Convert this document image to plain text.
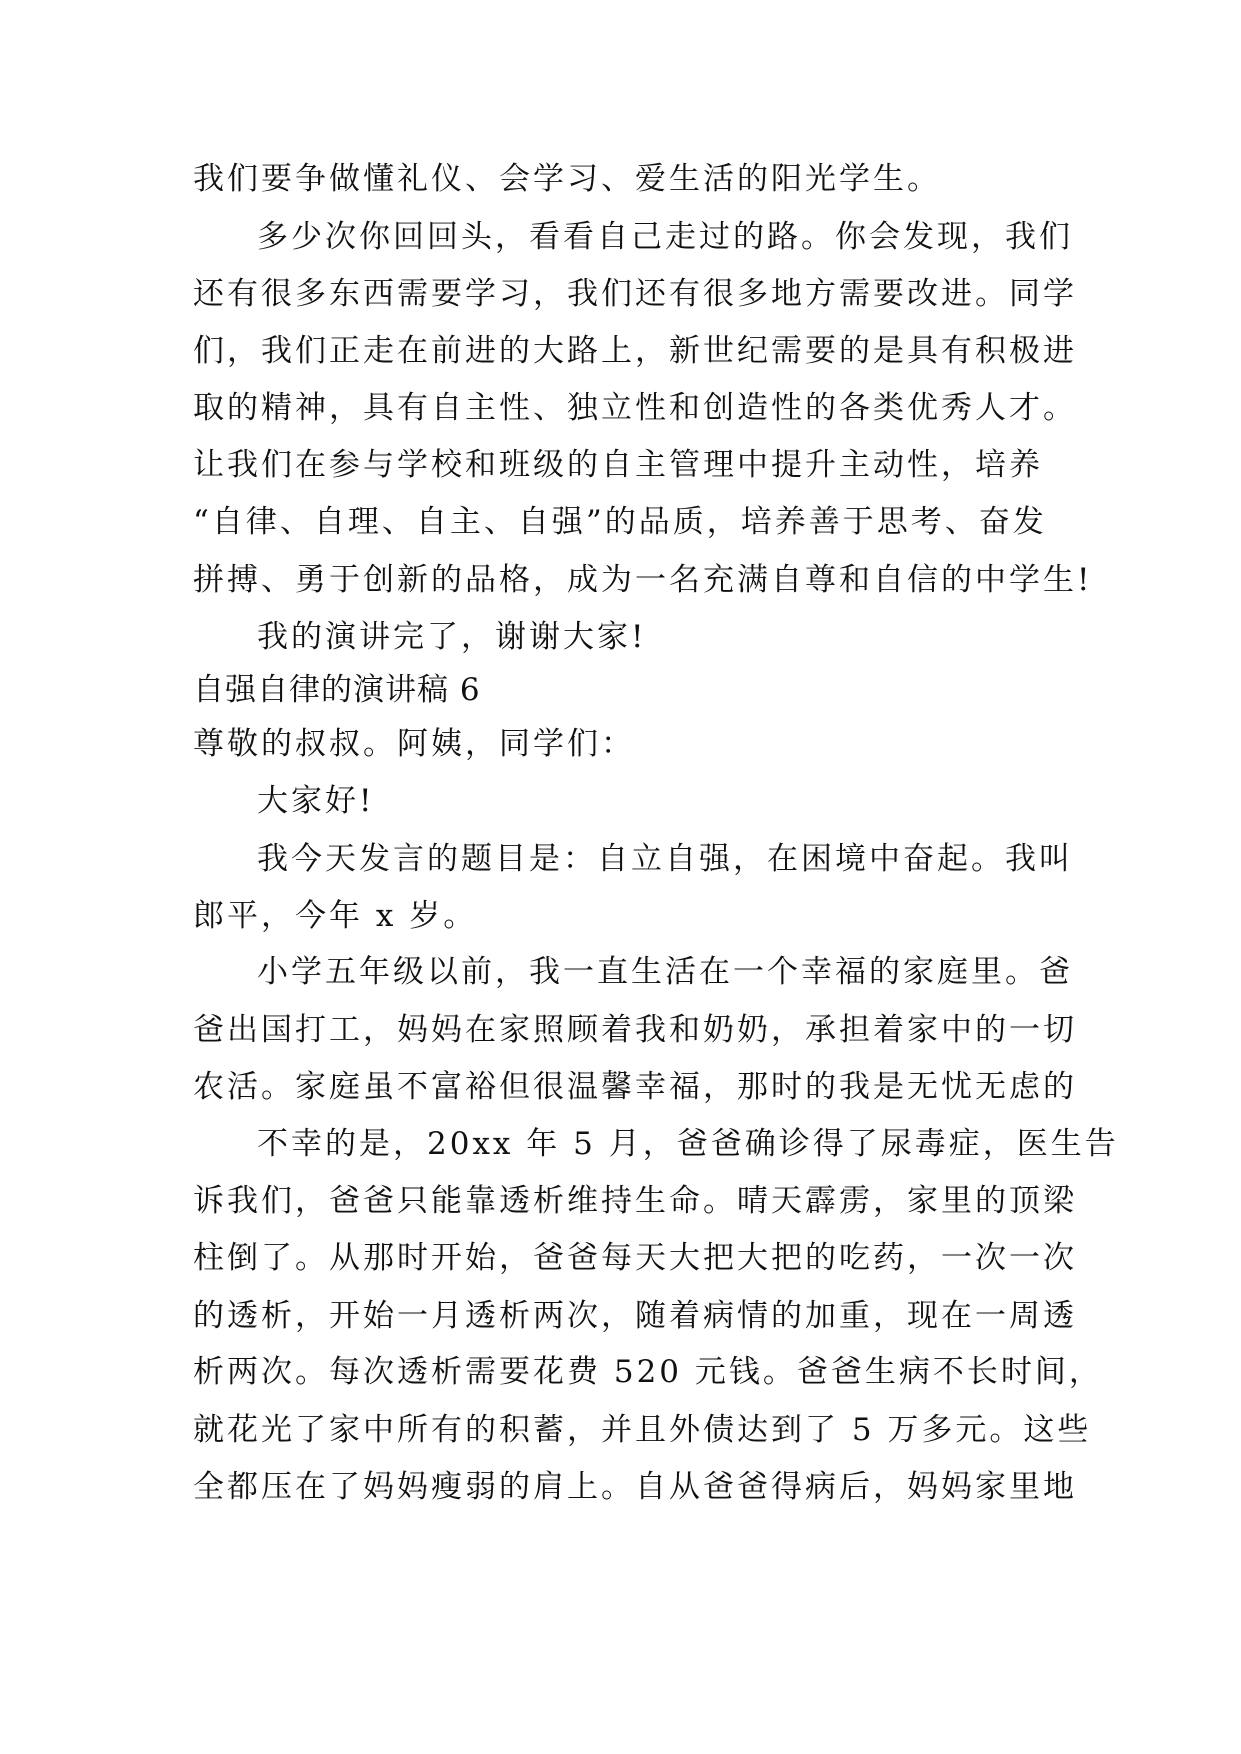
我们要争做懂礼仪、会学习、爱生活的阳光学生。
多少次你回回头，看看自己走过的路。你会发现，我们
还有很多东西需要学习，我们还有很多地方需要改进。同学
们，我们正走在前进的大路上，新世纪需要的是具有积极进
取的精神，具有自主性、独立性和创造性的各类优秀人才。
让我们在参与学校和班级的自主管理中提升主动性，培养
“自律、自理、自主、自强”的品质，培养善于思考、奋发
拼搏、勇于创新的品格，成为一名充满自尊和自信的中学生!
我的演讲完了，谢谢大家!
自强自律的演讲稿 6
尊敬的叔叔。阿姨，同学们：
大家好!
我今天发言的题目是：自立自强，在困境中奋起。我叫
郎平，今年 x 岁。
小学五年级以前，我一直生活在一个幸福的家庭里。爸
爸出国打工，妈妈在家照顾着我和奶奶，承担着家中的一切
农活。家庭虽不富裕但很温馨幸福，那时的我是无忧无虑的
不幸的是，20xx 年 5 月，爸爸确诊得了尿毒症，医生告
诉我们，爸爸只能靠透析维持生命。晴天霹雳，家里的顶梁
柱倒了。从那时开始，爸爸每天大把大把的吃药，一次一次
的透析，开始一月透析两次，随着病情的加重，现在一周透
析两次。每次透析需要花费 520 元钱。爸爸生病不长时间，
就花光了家中所有的积蓄，并且外债达到了 5 万多元。这些
全都压在了妈妈瘦弱的肩上。自从爸爸得病后，妈妈家里地
